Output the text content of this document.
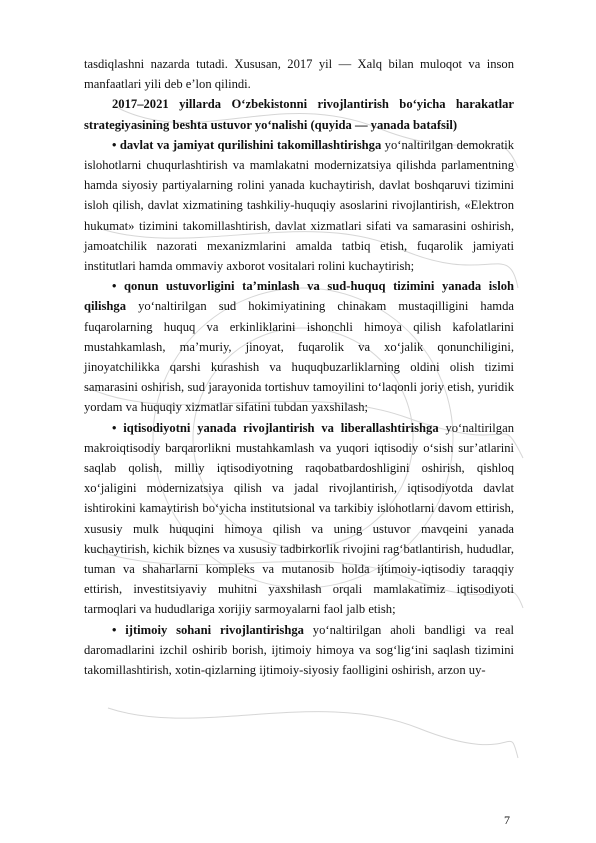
tasdiqlashni nazarda tutadi. Xususan, 2017 yil — Xalq bilan muloqot va inson manfaatlari yili deb e’lon qilindi.

2017–2021 yillarda O‘zbekistonni rivojlantirish bo‘yicha harakatlar strategiyasining beshta ustuvor yo‘nalishi (quyida — yanada batafsil)

• davlat va jamiyat qurilishini takomillashtirishga yo‘naltirilgan demokratik islohotlarni chuqurlashtirish va mamlakatni modernizatsiya qilishda parlamentning hamda siyosiy partiyalarning rolini yanada kuchaytirish, davlat boshqaruvi tizimini isloh qilish, davlat xizmatining tashkiliy-huquqiy asoslarini rivojlantirish, «Elektron hukumat» tizimini takomillashtirish, davlat xizmatlari sifati va samarasini oshirish, jamoatchilik nazorati mexanizmlarini amalda tatbiq etish, fuqarolik jamiyati institutlari hamda ommaviy axborot vositalari rolini kuchaytirish;

• qonun ustuvorligini ta’minlash va sud-huquq tizimini yanada isloh qilishga yo‘naltirilgan sud hokimiyatining chinakam mustaqilligini hamda fuqarolarning huquq va erkinliklarini ishonchli himoya qilish kafolatlarini mustahkamlash, ma’muriy, jinoyat, fuqarolik va xo‘jalik qonunchiligini, jinoyatchilikka qarshi kurashish va huquqbuzarliklarning oldini olish tizimi samarasini oshirish, sud jarayonida tortishuv tamoyilini to‘laqonli joriy etish, yuridik yordam va huquqiy xizmatlar sifatini tubdan yaxshilash;

• iqtisodiyotni yanada rivojlantirish va liberallashtirishga yo‘naltirilgan makroiqtisodiy barqarorlikni mustahkamlash va yuqori iqtisodiy o‘sish sur’atlarini saqlab qolish, milliy iqtisodiyotning raqobatbardoshligini oshirish, qishloq xo‘jaligini modernizatsiya qilish va jadal rivojlantirish, iqtisodiyotda davlat ishtirokini kamaytirish bo‘yicha institutsional va tarkibiy islohotlarni davom ettirish, xususiy mulk huquqini himoya qilish va uning ustuvor mavqeini yanada kuchaytirish, kichik biznes va xususiy tadbirkorlik rivojini rag‘batlantirish, hududlar, tuman va shaharlarni kompleks va mutanosib holda ijtimoiy-iqtisodiy taraqqiy ettirish, investitsiyaviy muhitni yaxshilash orqali mamlakatimiz iqtisodiyoti tarmoqlari va hududlariga xorijiy sarmoyalarni faol jalb etish;

• ijtimoiy sohani rivojlantirishga yo‘naltirilgan aholi bandligi va real daromadlarini izchil oshirib borish, ijtimoiy himoya va sog‘lig‘ini saqlash tizimini takomillashtirish, xotin-qizlarning ijtimoiy-siyosiy faolligini oshirish, arzon uy-

7
